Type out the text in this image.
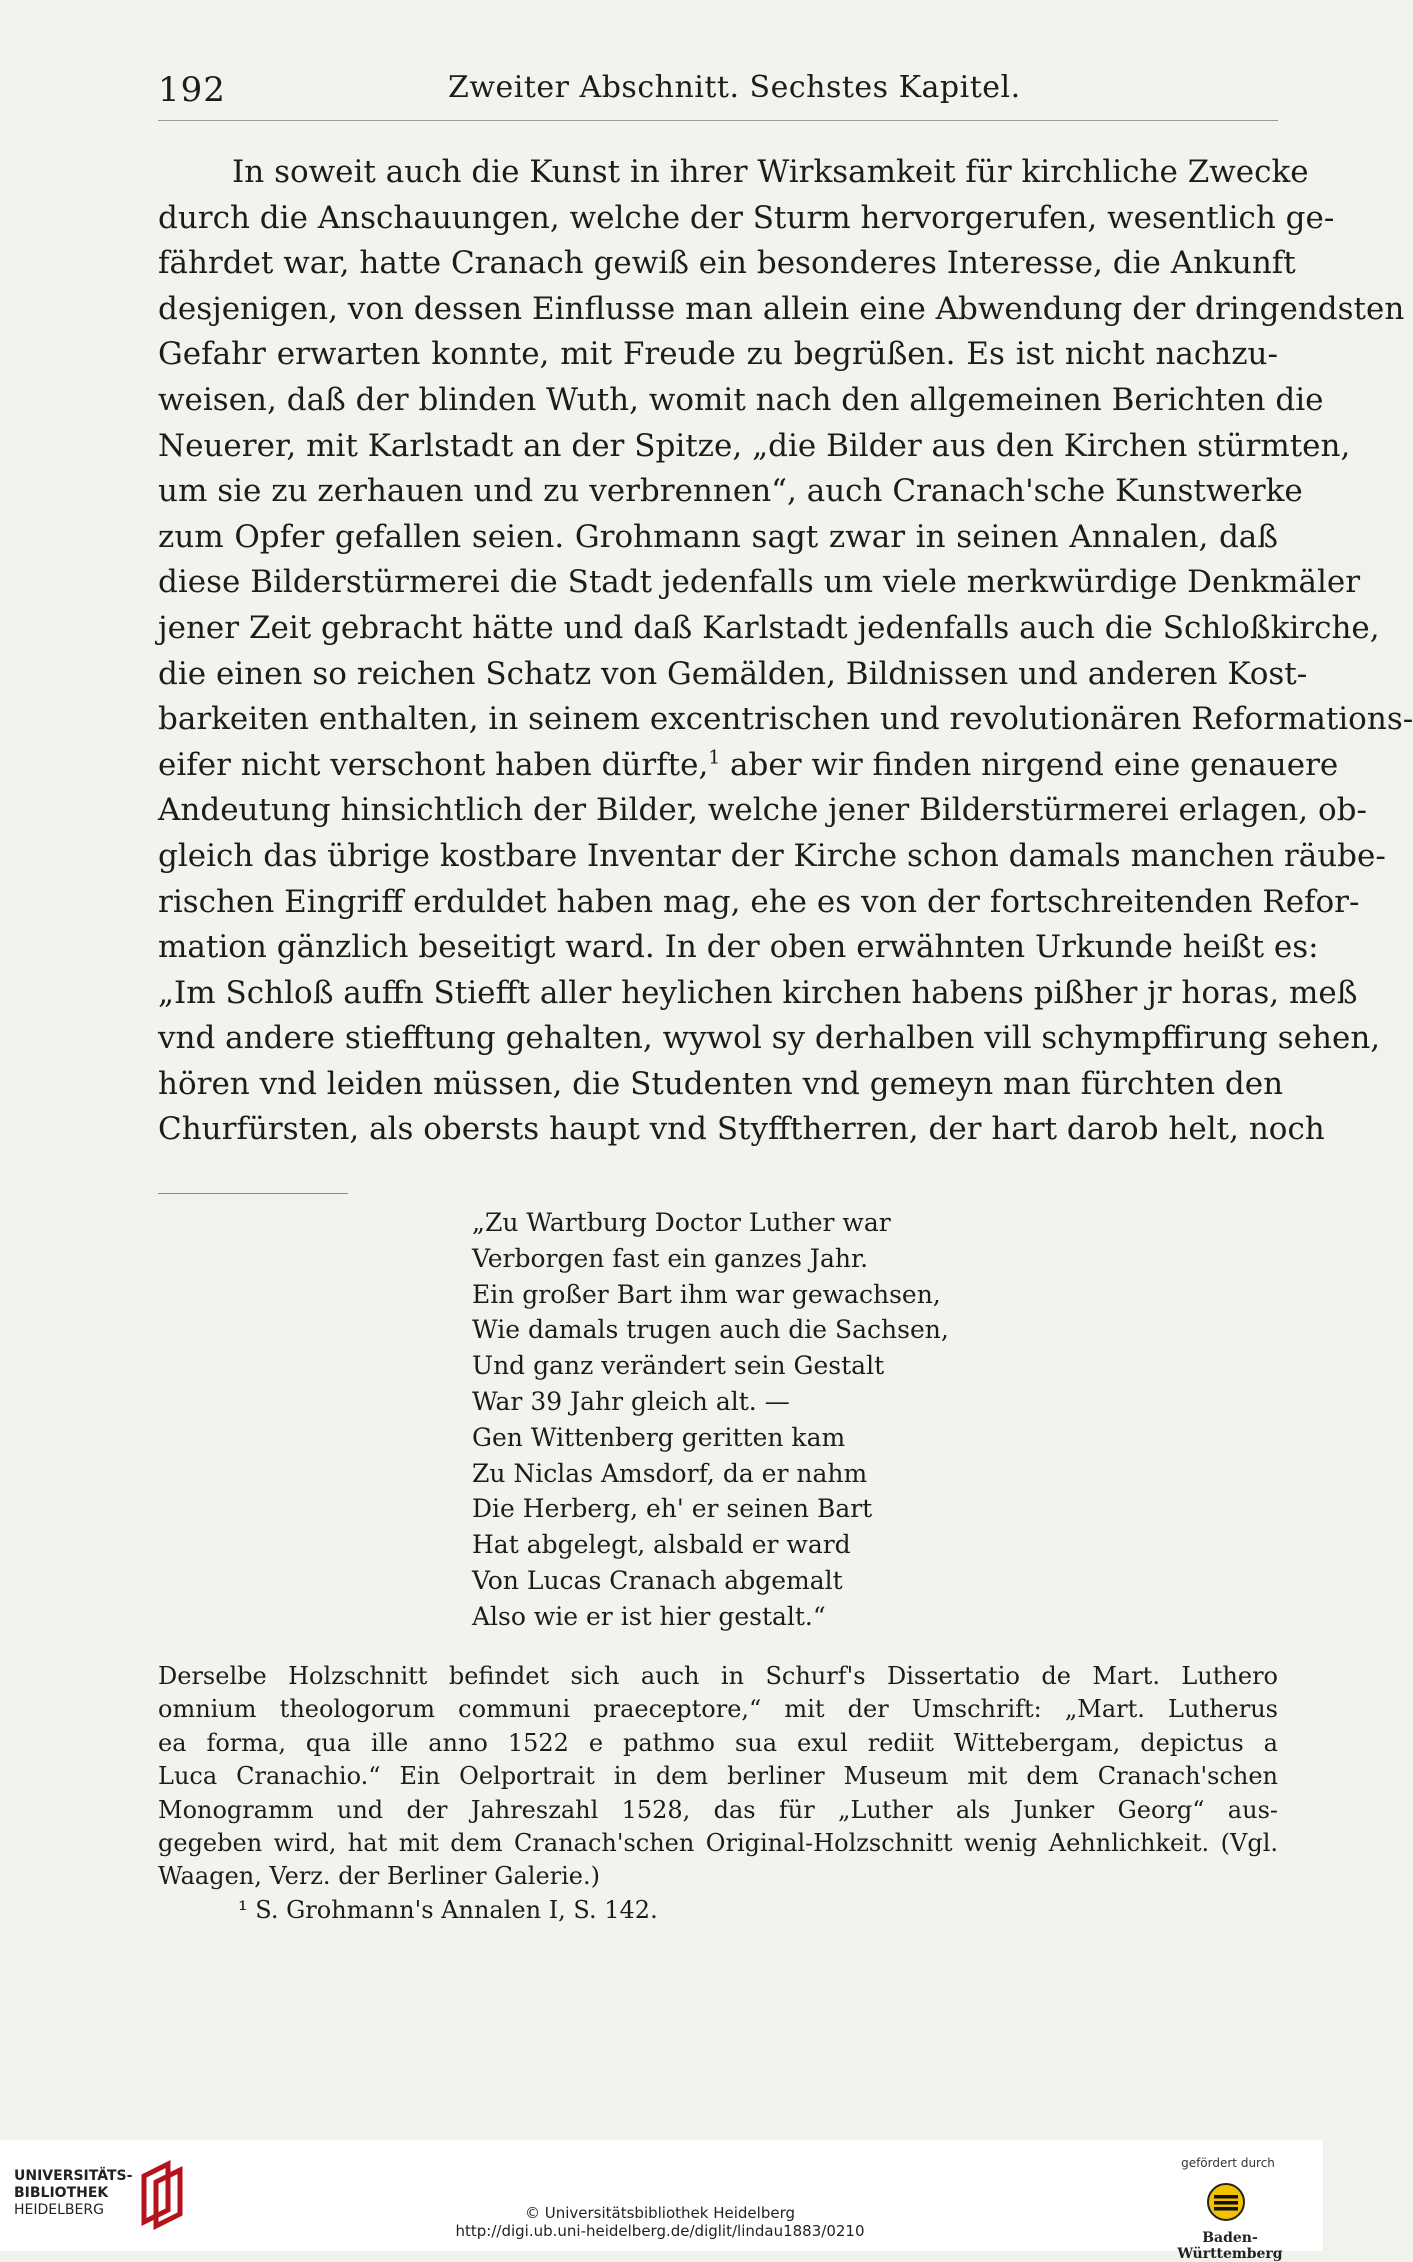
192	Zweiter Abschnitt. Sechstes Kapitel.
In soweit auch die Kunst in ihrer Wirksamkeit für kirchliche Zwecke
durch die Anschauungen, welche der Sturm hervorgerufen, wesentlich ge-
fährdet war, hatte Cranach gewiß ein besonderes Interesse, die Ankunft
desjenigen, von dessen Einflusse man allein eine Abwendung der dringendsten
Gefahr erwarten konnte, mit Freude zu begrüßen. Es ist nicht nachzu-
weisen, daß der blinden Wuth, womit nach den allgemeinen Berichten die
Neuerer, mit Karlstadt an der Spitze, „die Bilder aus den Kirchen stürmten,
um sie zu zerhauen und zu verbrennen“, auch Cranach'sche Kunstwerke
zum Opfer gefallen seien. Grohmann sagt zwar in seinen Annalen, daß
diese Bilderstürmerei die Stadt jedenfalls um viele merkwürdige Denkmäler
jener Zeit gebracht hätte und daß Karlstadt jedenfalls auch die Schloßkirche,
die einen so reichen Schatz von Gemälden, Bildnissen und anderen Kost-
barkeiten enthalten, in seinem excentrischen und revolutionären Reformations-
eifer nicht verschont haben dürfte,$^1$ aber wir finden nirgend eine genauere
Andeutung hinsichtlich der Bilder, welche jener Bilderstürmerei erlagen, ob-
gleich das übrige kostbare Inventar der Kirche schon damals manchen räube-
rischen Eingriff erduldet haben mag, ehe es von der fortschreitenden Refor-
mation gänzlich beseitigt ward. In der oben erwähnten Urkunde heißt es:
„Im Schloß auffn Stiefft aller heylichen kirchen habens pißher jr horas, meß
vnd andere stiefftung gehalten, wywol sy derhalben vill schympffirung sehen,
hören vnd leiden müssen, die Studenten vnd gemeyn man fürchten den
Churfürsten, als obersts haupt vnd Styfftherren, der hart darob helt, noch
„Zu Wartburg Doctor Luther war
Verborgen fast ein ganzes Jahr.
Ein großer Bart ihm war gewachsen,
Wie damals trugen auch die Sachsen,
Und ganz verändert sein Gestalt
War 39 Jahr gleich alt. —
Gen Wittenberg geritten kam
Zu Niclas Amsdorf, da er nahm
Die Herberg, eh' er seinen Bart
Hat abgelegt, alsbald er ward
Von Lucas Cranach abgemalt
Also wie er ist hier gestalt.“
Derselbe Holzschnitt befindet sich auch in Schurf's Dissertatio de Mart. Luthero
omnium theologorum communi praeceptore,“ mit der Umschrift: „Mart. Lutherus
ea forma, qua ille anno 1522 e pathmo sua exul rediit Wittebergam, depictus a
Luca Cranachio.“ Ein Oelportrait in dem berliner Museum mit dem Cranach'schen
Monogramm und der Jahreszahl 1528, das für „Luther als Junker Georg“ aus-
gegeben wird, hat mit dem Cranach'schen Original-Holzschnitt wenig Aehnlichkeit. (Vgl.
Waagen, Verz. der Berliner Galerie.)
¹ S. Grohmann's Annalen I, S. 142.
UNIVERSITÄTS-
BIBLIOTHEK
HEIDELBERG	© Universitätsbibliothek Heidelberg
http://digi.ub.uni-heidelberg.de/diglit/lindau1883/0210
gefördert durch
Baden-Württemberg
